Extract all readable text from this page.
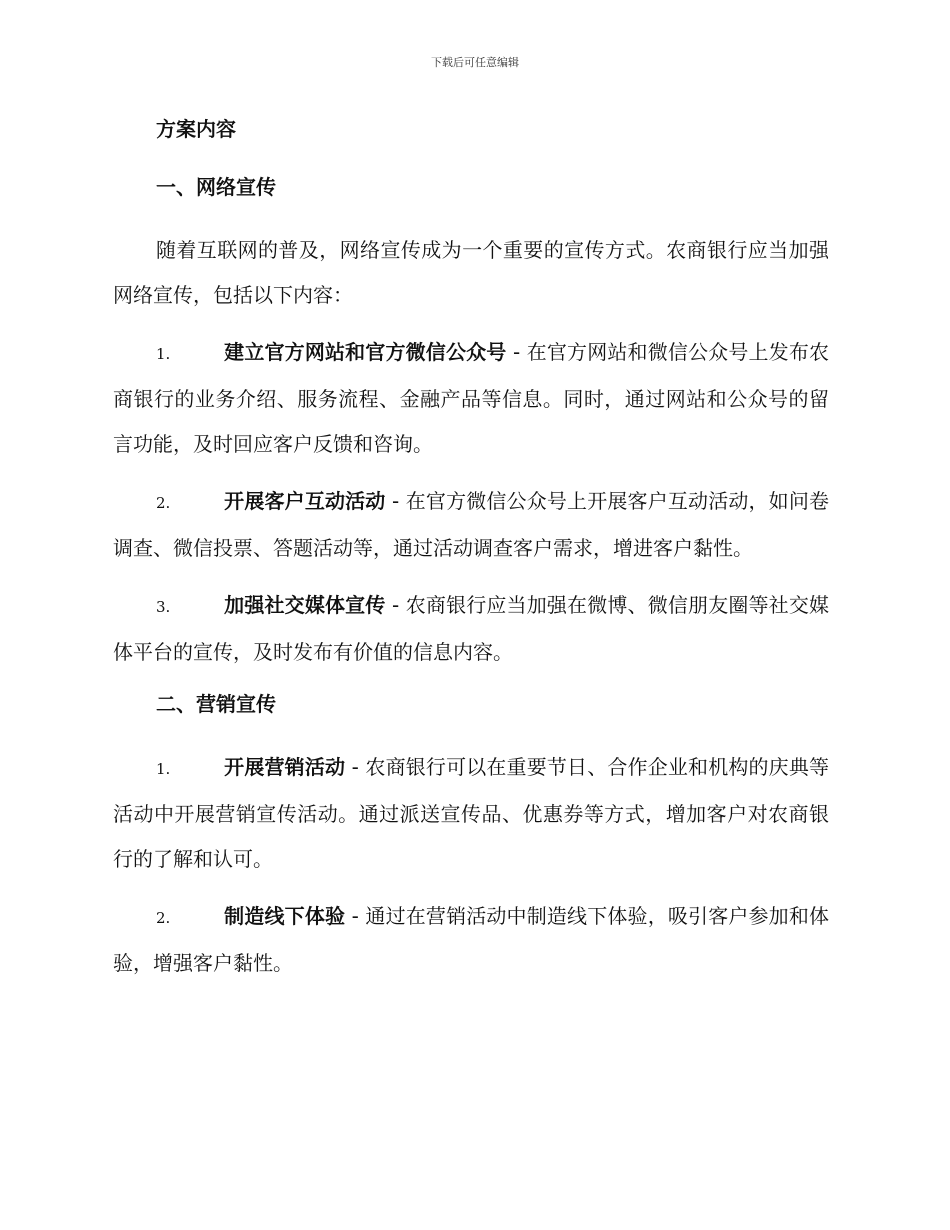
下载后可任意编辑

方案内容

一、网络宣传

随着互联网的普及，网络宣传成为一个重要的宣传方式。农商银行应当加强网络宣传，包括以下内容：

1.	建立官方网站和官方微信公众号 - 在官方网站和微信公众号上发布农商银行的业务介绍、服务流程、金融产品等信息。同时，通过网站和公众号的留言功能，及时回应客户反馈和咨询。

2.	开展客户互动活动 - 在官方微信公众号上开展客户互动活动，如问卷调查、微信投票、答题活动等，通过活动调查客户需求，增进客户黏性。

3.	加强社交媒体宣传 - 农商银行应当加强在微博、微信朋友圈等社交媒体平台的宣传，及时发布有价值的信息内容。

二、营销宣传

1.	开展营销活动 - 农商银行可以在重要节日、合作企业和机构的庆典等活动中开展营销宣传活动。通过派送宣传品、优惠券等方式，增加客户对农商银行的了解和认可。

2.	制造线下体验 - 通过在营销活动中制造线下体验，吸引客户参加和体验，增强客户黏性。
